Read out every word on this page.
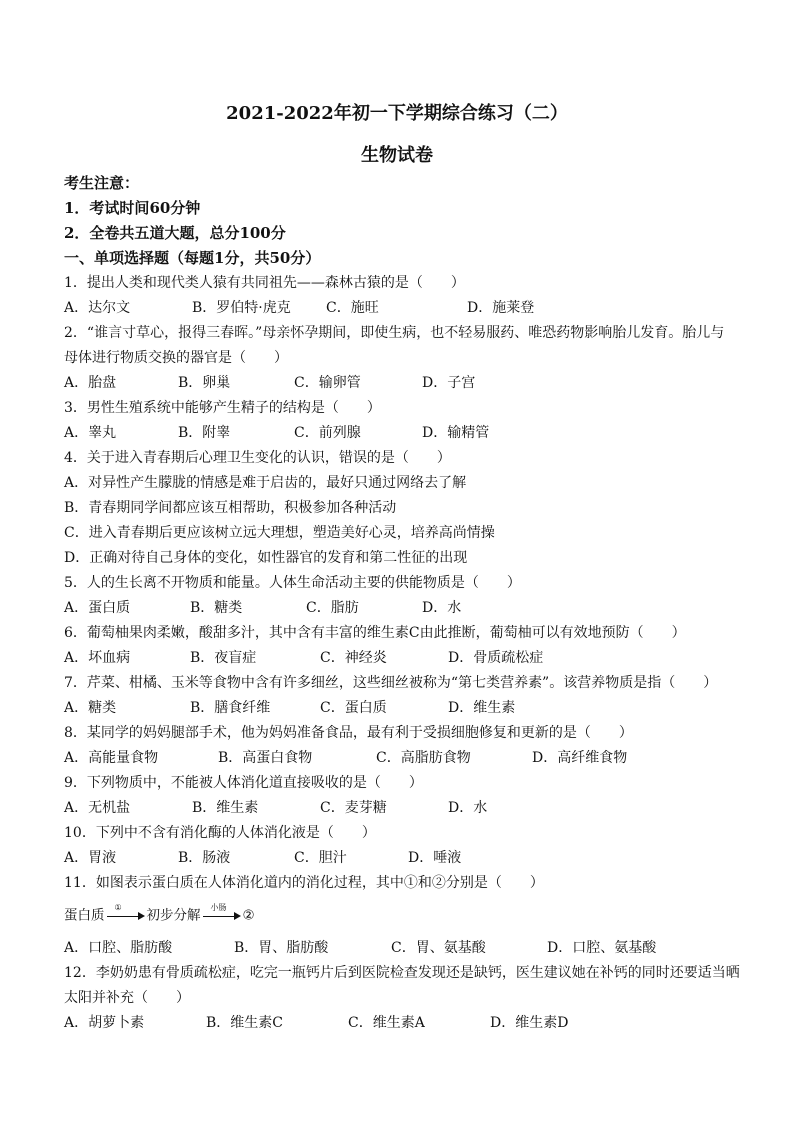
2021-2022年初一下学期综合练习（二）
生物试卷
考生注意：
1．考试时间60分钟
2．全卷共五道大题，总分100分
一、单项选择题（每题1分，共50分）
1．提出人类和现代类人猿有共同祖先——森林古猿的是（　　）
A．达尔文	B．罗伯特·虎克	C．施旺	D．施莱登
2．“谁言寸草心，报得三春晖。”母亲怀孕期间，即使生病，也不轻易服药、唯恐药物影响胎儿发育。胎儿与
母体进行物质交换的器官是（　　）
A．胎盘	B．卵巢	C．输卵管	D．子宫
3．男性生殖系统中能够产生精子的结构是（　　）
A．睾丸	B．附睾	C．前列腺	D．输精管
4．关于进入青春期后心理卫生变化的认识，错误的是（　　）
A．对异性产生朦胧的情感是难于启齿的，最好只通过网络去了解
B．青春期同学间都应该互相帮助，积极参加各种活动
C．进入青春期后更应该树立远大理想，塑造美好心灵，培养高尚情操
D．正确对待自己身体的变化，如性器官的发育和第二性征的出现
5．人的生长离不开物质和能量。人体生命活动主要的供能物质是（　　）
A．蛋白质	B．糖类	C．脂肪	D．水
6．葡萄柚果肉柔嫩，酸甜多汁，其中含有丰富的维生素C由此推断，葡萄柚可以有效地预防（　　）
A．坏血病	B．夜盲症	C．神经炎	D．骨质疏松症
7．芹菜、柑橘、玉米等食物中含有许多细丝，这些细丝被称为“第七类营养素”。该营养物质是指（　　）
A．糖类	B．膳食纤维	C．蛋白质	D．维生素
8．某同学的妈妈腿部手术，他为妈妈准备食品，最有利于受损细胞修复和更新的是（　　）
A．高能量食物	B．高蛋白食物	C．高脂肪食物	D．高纤维食物
9．下列物质中，不能被人体消化道直接吸收的是（　　）
A．无机盐	B．维生素	C．麦芽糖	D．水
10．下列中不含有消化酶的人体消化液是（　　）
A．胃液	B．肠液	C．胆汁	D．唾液
11．如图表示蛋白质在人体消化道内的消化过程，其中①和②分别是（　　）
蛋白质
①
初步分解
小肠
②
A．口腔、脂肪酸	B．胃、脂肪酸	C．胃、氨基酸	D．口腔、氨基酸
12．李奶奶患有骨质疏松症，吃完一瓶钙片后到医院检查发现还是缺钙，医生建议她在补钙的同时还要适当晒
太阳并补充（　　）
A．胡萝卜素	B．维生素C	C．维生素A	D．维生素D
